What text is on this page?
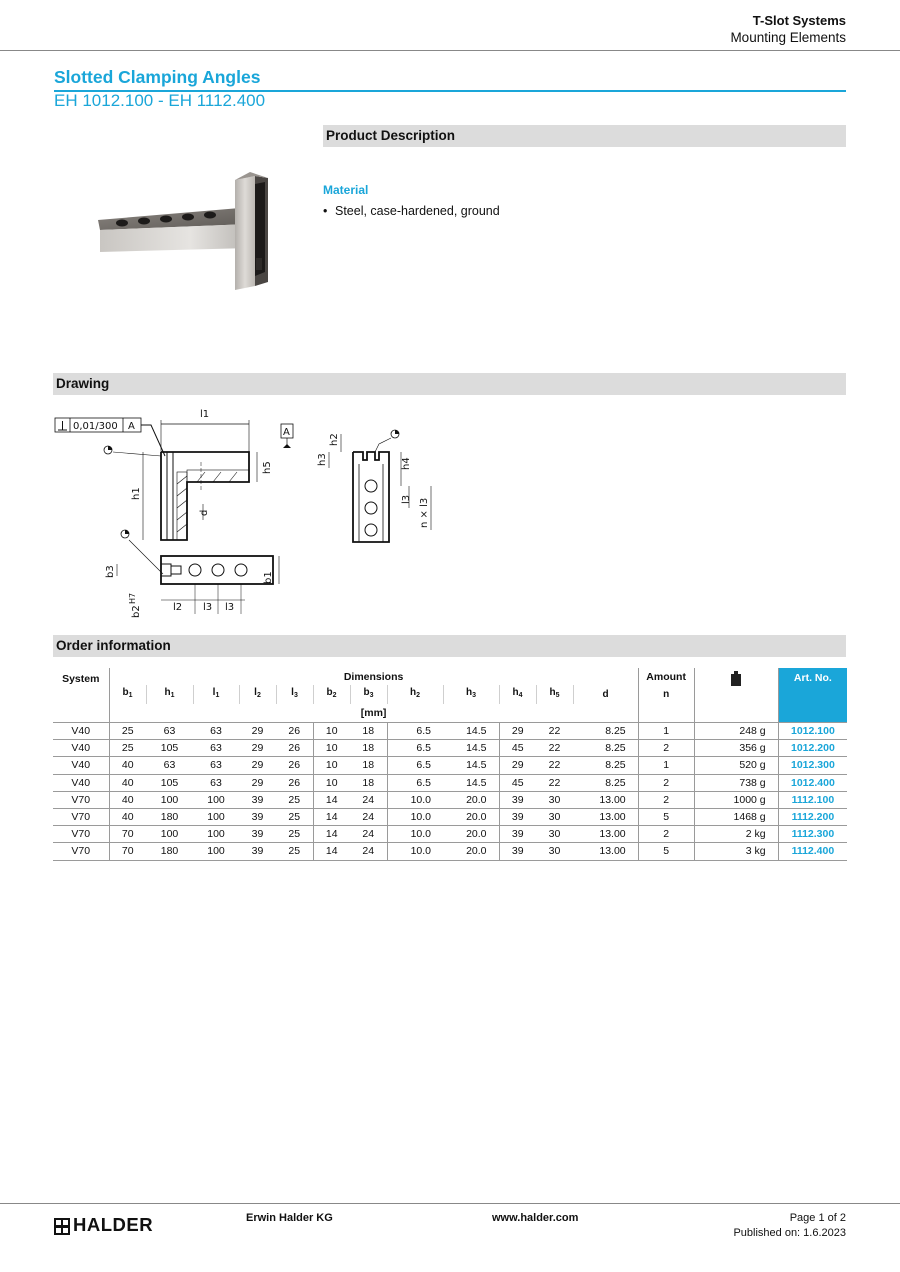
T-Slot Systems
Mounting Elements
Slotted Clamping Angles
EH 1012.100 - EH 1112.400
Product Description
Material
• Steel, case-hardened, ground
Drawing
0,01/300 A
l1
A
h5
h1
d
b1
b3
H7
b2	l2 l3 l3
h3
h2
h4
l3 n × l3
Order information
System	Dimensions												Amount		Art. No.
	$b_1$	$h_1$	$l_1$	$l_2$	$l_3$	$b_2$	$b_3$	$h_2$	$h_3$	$h_4$	$h_5$	d	n		
	[mm]														
V40	25	63	63	29	26	10	18	6.5	14.5	29	22	8.25	1	248 g	1012.100
V40	25	105	63	29	26	10	18	6.5	14.5	45	22	8.25	2	356 g	1012.200
V40	40	63	63	29	26	10	18	6.5	14.5	29	22	8.25	1	520 g	1012.300
V40	40	105	63	29	26	10	18	6.5	14.5	45	22	8.25	2	738 g	1012.400
V70	40	100	100	39	25	14	24	10.0	20.0	39	30	13.00	2	1000 g	1112.100
V70	40	180	100	39	25	14	24	10.0	20.0	39	30	13.00	5	1468 g	1112.200
V70	70	100	100	39	25	14	24	10.0	20.0	39	30	13.00	2	2 kg	1112.300
V70	70	180	100	39	25	14	24	10.0	20.0	39	30	13.00	5	3 kg	1112.400
HALDER	Erwin Halder KG	www.halder.com	Page 1 of 2
Published on: 1.6.2023
